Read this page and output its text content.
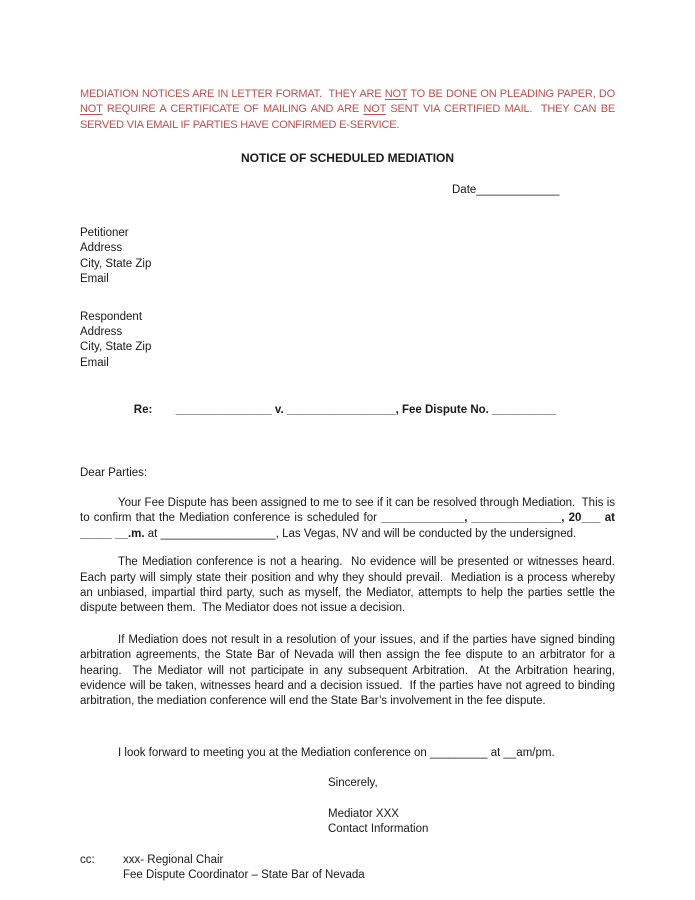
MEDIATION NOTICES ARE IN LETTER FORMAT.  THEY ARE NOT TO BE DONE ON PLEADING PAPER, DO NOT REQUIRE A CERTIFICATE OF MAILING AND ARE NOT SENT VIA CERTIFIED MAIL.  THEY CAN BE SERVED VIA EMAIL IF PARTIES HAVE CONFIRMED E-SERVICE.

NOTICE OF SCHEDULED MEDIATION
Date_____________
Petitioner
Address
City, State Zip
Email
Respondent
Address
City, State Zip
Email

Re: _______________ v. _________________, Fee Dispute No. __________

Dear Parties:

Your Fee Dispute has been assigned to me to see if it can be resolved through Mediation.  This is to confirm that the Mediation conference is scheduled for _____________, ______________, 20___ at _____ __.m. at __________________, Las Vegas, NV and will be conducted by the undersigned.

The Mediation conference is not a hearing.  No evidence will be presented or witnesses heard.  Each party will simply state their position and why they should prevail.  Mediation is a process whereby an unbiased, impartial third party, such as myself, the Mediator, attempts to help the parties settle the dispute between them.  The Mediator does not issue a decision.

If Mediation does not result in a resolution of your issues, and if the parties have signed binding arbitration agreements, the State Bar of Nevada will then assign the fee dispute to an arbitrator for a hearing.  The Mediator will not participate in any subsequent Arbitration.  At the Arbitration hearing, evidence will be taken, witnesses heard and a decision issued.  If the parties have not agreed to binding arbitration, the mediation conference will end the State Bar’s involvement in the fee dispute.

I look forward to meeting you at the Mediation conference on _________ at __am/pm.
Sincerely,
Mediator XXX
Contact Information
cc:	xxx- Regional Chair
Fee Dispute Coordinator – State Bar of Nevada
